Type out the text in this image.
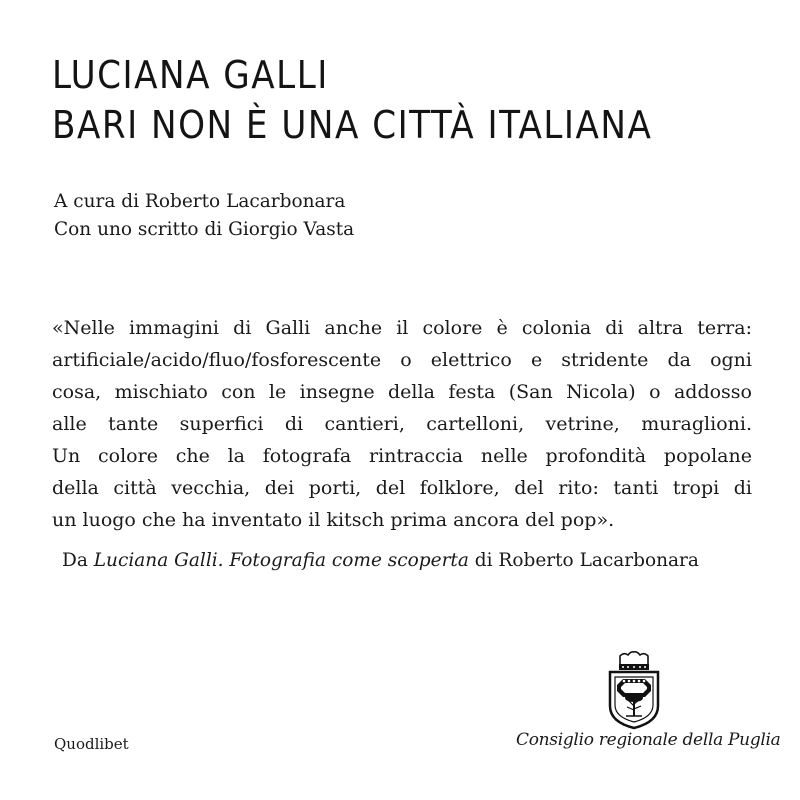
LUCIANA GALLI
BARI NON È UNA CITTÀ ITALIANA
A cura di Roberto Lacarbonara
Con uno scritto di Giorgio Vasta
«Nelle immagini di Galli anche il colore è colonia di altra terra:
artificiale/acido/fluo/fosforescente o elettrico e stridente da ogni
cosa, mischiato con le insegne della festa (San Nicola) o addosso
alle tante superfici di cantieri, cartelloni, vetrine, muraglioni.
Un colore che la fotografa rintraccia nelle profondità popolane
della città vecchia, dei porti, del folklore, del rito: tanti tropi di
un luogo che ha inventato il kitsch prima ancora del pop».
Da Luciana Galli. Fotografia come scoperta di Roberto Lacarbonara
Quodlibet	Consiglio regionale della Puglia
